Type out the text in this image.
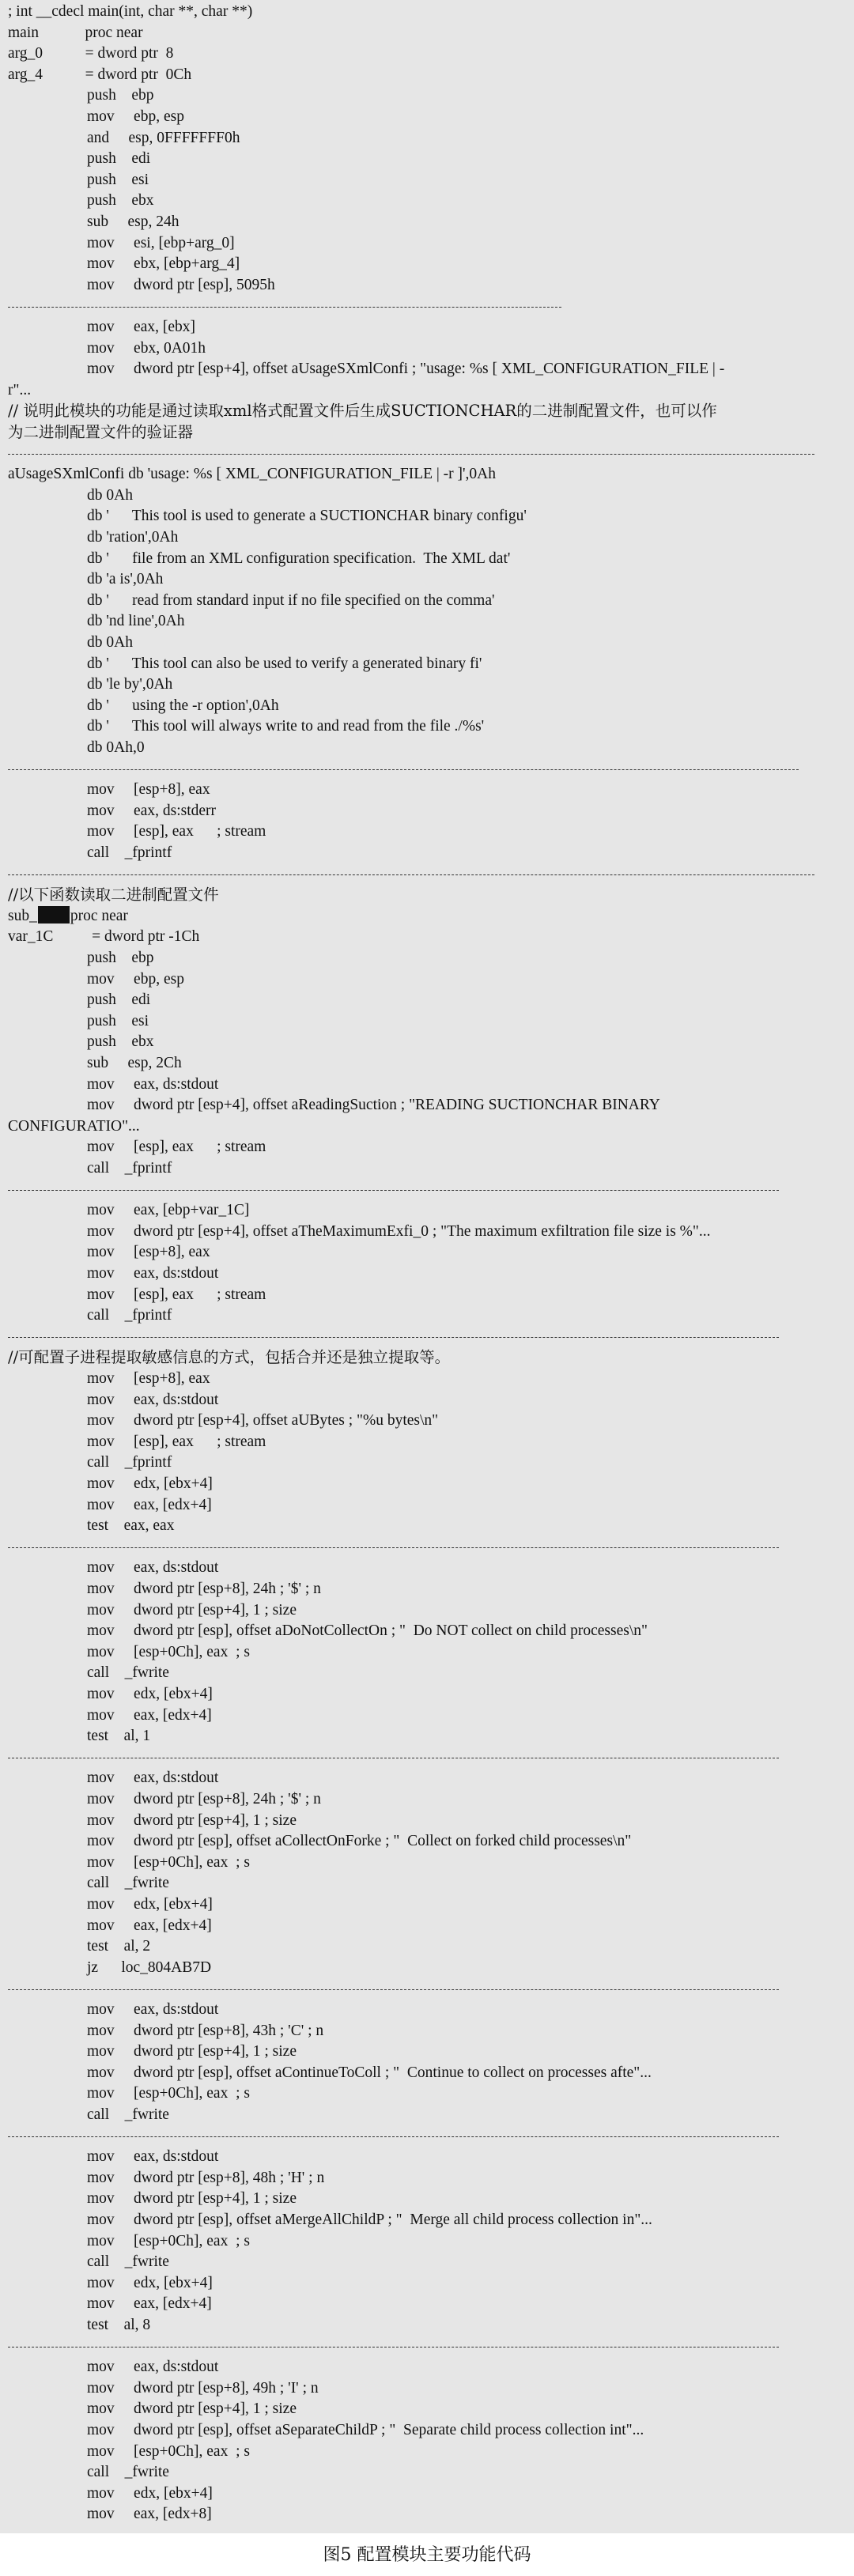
; int __cdecl main(int, char **, char **)
main            proc near
arg_0           = dword ptr  8
arg_4           = dword ptr  0Ch
push    ebp
mov     ebp, esp
and     esp, 0FFFFFFF0h
push    edi
push    esi
push    ebx
sub     esp, 24h
mov     esi, [ebp+arg_0]
mov     ebx, [ebp+arg_4]
mov     dword ptr [esp], 5095h
mov     eax, [ebx]
mov     ebx, 0A01h
mov     dword ptr [esp+4], offset aUsageSXmlConfi ; "usage: %s [ XML_CONFIGURATION_FILE | -
r"...
// 说明此模块的功能是通过读取xml格式配置文件后生成SUCTIONCHAR的二进制配置文件，也可以作
为二进制配置文件的验证器
aUsageSXmlConfi db 'usage: %s [ XML_CONFIGURATION_FILE | -r ]',0Ah
db 0Ah
db '      This tool is used to generate a SUCTIONCHAR binary configu'
db 'ration',0Ah
db '      file from an XML configuration specification.  The XML dat'
db 'a is',0Ah
db '      read from standard input if no file specified on the comma'
db 'nd line',0Ah
db 0Ah
db '      This tool can also be used to verify a generated binary fi'
db 'le by',0Ah
db '      using the -r option',0Ah
db '      This tool will always write to and read from the file ./%s'
db 0Ah,0
mov     [esp+8], eax
mov     eax, ds:stderr
mov     [esp], eax      ; stream
call    _fprintf
//以下函数读取二进制配置文件
sub_ proc near
var_1C          = dword ptr -1Ch
push    ebp
mov     ebp, esp
push    edi
push    esi
push    ebx
sub     esp, 2Ch
mov     eax, ds:stdout
mov     dword ptr [esp+4], offset aReadingSuction ; "READING SUCTIONCHAR BINARY
CONFIGURATIO"...
mov     [esp], eax      ; stream
call    _fprintf
mov     eax, [ebp+var_1C]
mov     dword ptr [esp+4], offset aTheMaximumExfi_0 ; "The maximum exfiltration file size is %"...
mov     [esp+8], eax
mov     eax, ds:stdout
mov     [esp], eax      ; stream
call    _fprintf
//可配置子进程提取敏感信息的方式，包括合并还是独立提取等。
mov     [esp+8], eax
mov     eax, ds:stdout
mov     dword ptr [esp+4], offset aUBytes ; "%u bytes\n"
mov     [esp], eax      ; stream
call    _fprintf
mov     edx, [ebx+4]
mov     eax, [edx+4]
test    eax, eax
mov     eax, ds:stdout
mov     dword ptr [esp+8], 24h ; '$' ; n
mov     dword ptr [esp+4], 1 ; size
mov     dword ptr [esp], offset aDoNotCollectOn ; "  Do NOT collect on child processes\n"
mov     [esp+0Ch], eax  ; s
call    _fwrite
mov     edx, [ebx+4]
mov     eax, [edx+4]
test    al, 1
mov     eax, ds:stdout
mov     dword ptr [esp+8], 24h ; '$' ; n
mov     dword ptr [esp+4], 1 ; size
mov     dword ptr [esp], offset aCollectOnForke ; "  Collect on forked child processes\n"
mov     [esp+0Ch], eax  ; s
call    _fwrite
mov     edx, [ebx+4]
mov     eax, [edx+4]
test    al, 2
jz      loc_804AB7D
mov     eax, ds:stdout
mov     dword ptr [esp+8], 43h ; 'C' ; n
mov     dword ptr [esp+4], 1 ; size
mov     dword ptr [esp], offset aContinueToColl ; "  Continue to collect on processes afte"...
mov     [esp+0Ch], eax  ; s
call    _fwrite
mov     eax, ds:stdout
mov     dword ptr [esp+8], 48h ; 'H' ; n
mov     dword ptr [esp+4], 1 ; size
mov     dword ptr [esp], offset aMergeAllChildP ; "  Merge all child process collection in"...
mov     [esp+0Ch], eax  ; s
call    _fwrite
mov     edx, [ebx+4]
mov     eax, [edx+4]
test    al, 8
mov     eax, ds:stdout
mov     dword ptr [esp+8], 49h ; 'I' ; n
mov     dword ptr [esp+4], 1 ; size
mov     dword ptr [esp], offset aSeparateChildP ; "  Separate child process collection int"...
mov     [esp+0Ch], eax  ; s
call    _fwrite
mov     edx, [ebx+4]
mov     eax, [edx+8]
图5 配置模块主要功能代码
